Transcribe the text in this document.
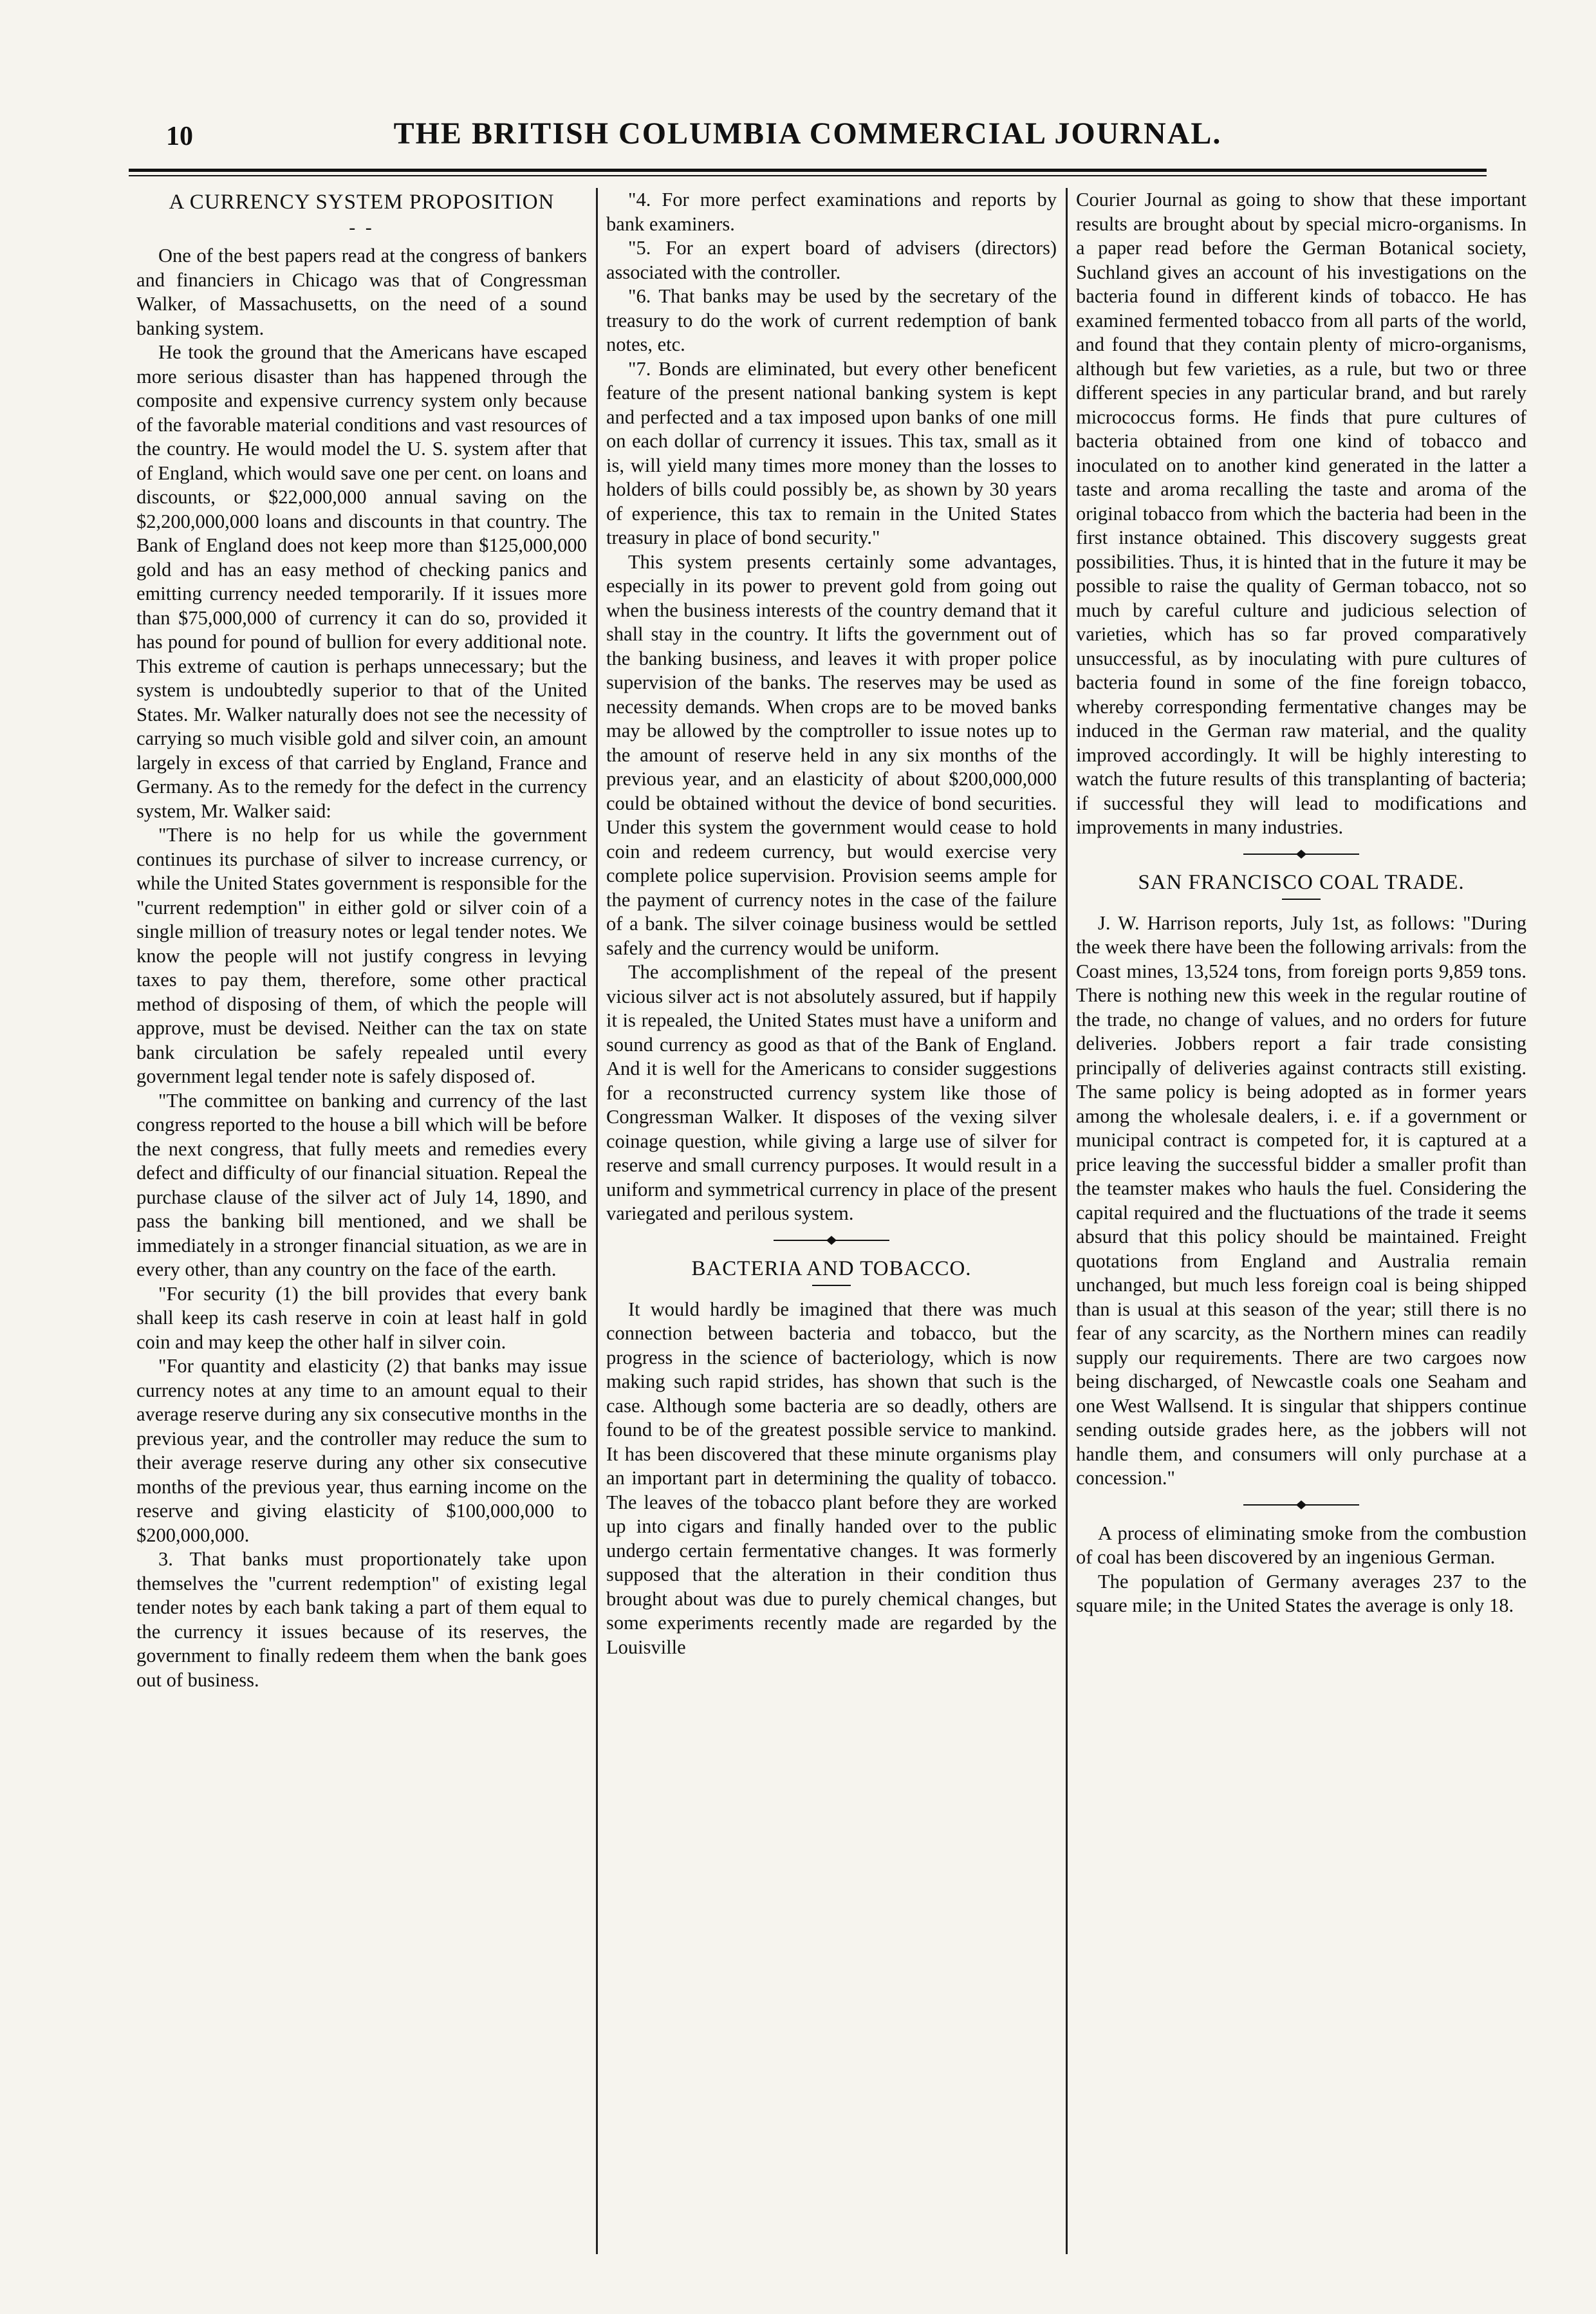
10	THE BRITISH COLUMBIA COMMERCIAL JOURNAL.
A CURRENCY SYSTEM PROPOSITION
- -

One of the best papers read at the congress of bankers and financiers in Chicago was that of Congressman Walker, of Massachusetts, on the need of a sound banking system.

He took the ground that the Americans have escaped more serious disaster than has happened through the composite and expensive currency system only because of the favorable material conditions and vast resources of the country. He would model the U. S. system after that of England, which would save one per cent. on loans and discounts, or $22,000,000 annual saving on the $2,200,000,000 loans and discounts in that country. The Bank of England does not keep more than $125,000,000 gold and has an easy method of checking panics and emitting currency needed temporarily. If it issues more than $75,000,000 of currency it can do so, provided it has pound for pound of bullion for every additional note. This extreme of caution is perhaps unnecessary; but the system is undoubtedly superior to that of the United States. Mr. Walker naturally does not see the necessity of carrying so much visible gold and silver coin, an amount largely in excess of that carried by England, France and Germany. As to the remedy for the defect in the currency system, Mr. Walker said:

"There is no help for us while the government continues its purchase of silver to increase currency, or while the United States government is responsible for the "current redemption" in either gold or silver coin of a single million of treasury notes or legal tender notes. We know the people will not justify congress in levying taxes to pay them, therefore, some other practical method of disposing of them, of which the people will approve, must be devised. Neither can the tax on state bank circulation be safely repealed until every government legal tender note is safely disposed of.

"The committee on banking and currency of the last congress reported to the house a bill which will be before the next congress, that fully meets and remedies every defect and difficulty of our financial situation. Repeal the purchase clause of the silver act of July 14, 1890, and pass the banking bill mentioned, and we shall be immediately in a stronger financial situation, as we are in every other, than any country on the face of the earth.

"For security (1) the bill provides that every bank shall keep its cash reserve in coin at least half in gold coin and may keep the other half in silver coin.

"For quantity and elasticity (2) that banks may issue currency notes at any time to an amount equal to their average reserve during any six consecutive months in the previous year, and the controller may reduce the sum to their average reserve during any other six consecutive months of the previous year, thus earning income on the reserve and giving elasticity of $100,000,000 to $200,000,000.

3. That banks must proportionately take upon themselves the "current redemption" of existing legal tender notes by each bank taking a part of them equal to the currency it issues because of its reserves, the government to finally redeem them when the bank goes out of business.

"4. For more perfect examinations and reports by bank examiners.

"5. For an expert board of advisers (directors) associated with the controller.

"6. That banks may be used by the secretary of the treasury to do the work of current redemption of bank notes, etc.

"7. Bonds are eliminated, but every other beneficent feature of the present national banking system is kept and perfected and a tax imposed upon banks of one mill on each dollar of currency it issues. This tax, small as it is, will yield many times more money than the losses to holders of bills could possibly be, as shown by 30 years of experience, this tax to remain in the United States treasury in place of bond security."

This system presents certainly some advantages, especially in its power to prevent gold from going out when the business interests of the country demand that it shall stay in the country. It lifts the government out of the banking business, and leaves it with proper police supervision of the banks. The reserves may be used as necessity demands. When crops are to be moved banks may be allowed by the comptroller to issue notes up to the amount of reserve held in any six months of the previous year, and an elasticity of about $200,000,000 could be obtained without the device of bond securities. Under this system the government would cease to hold coin and redeem currency, but would exercise very complete police supervision. Provision seems ample for the payment of currency notes in the case of the failure of a bank. The silver coinage business would be settled safely and the currency would be uniform.

The accomplishment of the repeal of the present vicious silver act is not absolutely assured, but if happily it is repealed, the United States must have a uniform and sound currency as good as that of the Bank of England. And it is well for the Americans to consider suggestions for a reconstructed currency system like those of Congressman Walker. It disposes of the vexing silver coinage question, while giving a large use of silver for reserve and small currency purposes. It would result in a uniform and symmetrical currency in place of the present variegated and perilous system.

BACTERIA AND TOBACCO.

It would hardly be imagined that there was much connection between bacteria and tobacco, but the progress in the science of bacteriology, which is now making such rapid strides, has shown that such is the case. Although some bacteria are so deadly, others are found to be of the greatest possible service to mankind. It has been discovered that these minute organisms play an important part in determining the quality of tobacco. The leaves of the tobacco plant before they are worked up into cigars and finally handed over to the public undergo certain fermentative changes. It was formerly supposed that the alteration in their condition thus brought about was due to purely chemical changes, but some experiments recently made are regarded by the Louisville

Courier Journal as going to show that these important results are brought about by special micro-organisms. In a paper read before the German Botanical society, Suchland gives an account of his investigations on the bacteria found in different kinds of tobacco. He has examined fermented tobacco from all parts of the world, and found that they contain plenty of micro-organisms, although but few varieties, as a rule, but two or three different species in any particular brand, and but rarely micrococcus forms. He finds that pure cultures of bacteria obtained from one kind of tobacco and inoculated on to another kind generated in the latter a taste and aroma recalling the taste and aroma of the original tobacco from which the bacteria had been in the first instance obtained. This discovery suggests great possibilities. Thus, it is hinted that in the future it may be possible to raise the quality of German tobacco, not so much by careful culture and judicious selection of varieties, which has so far proved comparatively unsuccessful, as by inoculating with pure cultures of bacteria found in some of the fine foreign tobacco, whereby corresponding fermentative changes may be induced in the German raw material, and the quality improved accordingly. It will be highly interesting to watch the future results of this transplanting of bacteria; if successful they will lead to modifications and improvements in many industries.

SAN FRANCISCO COAL TRADE.

J. W. Harrison reports, July 1st, as follows: "During the week there have been the following arrivals: from the Coast mines, 13,524 tons, from foreign ports 9,859 tons. There is nothing new this week in the regular routine of the trade, no change of values, and no orders for future deliveries. Jobbers report a fair trade consisting principally of deliveries against contracts still existing. The same policy is being adopted as in former years among the wholesale dealers, i. e. if a government or municipal contract is competed for, it is captured at a price leaving the successful bidder a smaller profit than the teamster makes who hauls the fuel. Considering the capital required and the fluctuations of the trade it seems absurd that this policy should be maintained. Freight quotations from England and Australia remain unchanged, but much less foreign coal is being shipped than is usual at this season of the year; still there is no fear of any scarcity, as the Northern mines can readily supply our requirements. There are two cargoes now being discharged, of Newcastle coals one Seaham and one West Wallsend. It is singular that shippers continue sending outside grades here, as the jobbers will not handle them, and consumers will only purchase at a concession."

A process of eliminating smoke from the combustion of coal has been discovered by an ingenious German.

The population of Germany averages 237 to the square mile; in the United States the average is only 18.
